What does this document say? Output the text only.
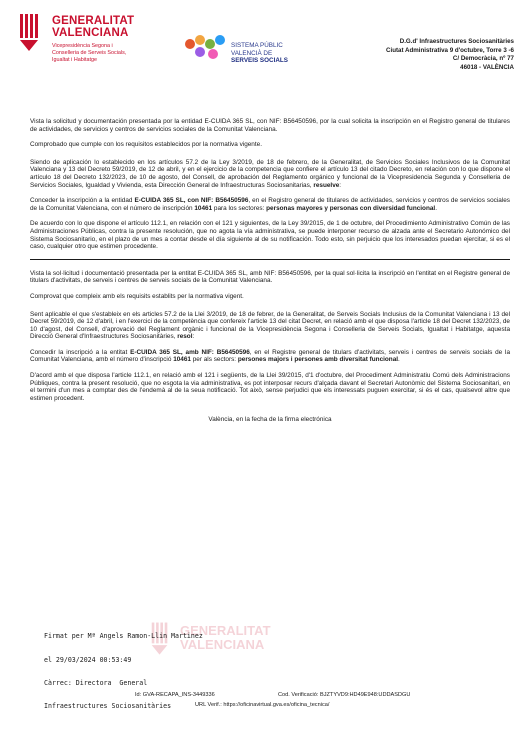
GENERALITAT
VALENCIANA
Vicepresidència Segona i
Conselleria de Serveis Socials,
Igualtat i Habitatge
SISTEMA PÚBLIC
VALENCIÀ DE
SERVEIS SOCIALS
D.G.d' Infraestructures Sociosanitàries
Ciutat Administrativa 9 d'octubre, Torre 3 -6
C/ Democràcia, nº 77
46018 - VALÈNCIA

Vista la solicitud y documentación presentada por la entidad E-CUIDA 365 SL, con NIF: B56450596, por la cual solicita la inscripción en el Registro general de titulares de actividades, de servicios y centros de servicios sociales de la Comunitat Valenciana.

Comprobado que cumple con los requisitos establecidos por la normativa vigente.

Siendo de aplicación lo establecido en los artículos 57.2 de la Ley 3/2019, de 18 de febrero, de la Generalitat, de Servicios Sociales Inclusivos de la Comunitat Valenciana y 13 del Decreto 59/2019, de 12 de abril, y en el ejercicio de la competencia que confiere el artículo 13 del citado Decreto, en relación con lo que dispone el artículo 18 del Decreto 132/2023, de 10 de agosto, del Consell, de aprobación del Reglamento orgánico y funcional de la Vicepresidencia Segunda y Conselleria de Servicios Sociales, Igualdad y Vivienda, esta Dirección General de Infraestructuras Sociosanitarias, resuelve:

Conceder la inscripción a la entidad E-CUIDA 365 SL, con NIF: B56450596, en el Registro general de titulares de actividades, servicios y centros de servicios sociales de la Comunitat Valenciana, con el número de inscripción 10461 para los sectores: personas mayores y personas con diversidad funcional.

De acuerdo con lo que dispone el artículo 112.1, en relación con el 121 y siguientes, de la Ley 39/2015, de 1 de octubre, del Procedimiento Administrativo Común de las Administraciones Públicas, contra la presente resolución, que no agota la vía administrativa, se puede interponer recurso de alzada ante el Secretario Autonómico del Sistema Sociosanitario, en el plazo de un mes a contar desde el día siguiente al de su notificación. Todo esto, sin perjuicio que los interesados puedan ejercitar, si es el caso, cualquier otro que estimen procedente.

Vista la sol·licitud i documentació presentada per la entitat E-CUIDA 365 SL, amb NIF: B56450596, per la qual sol·licita la inscripció en l'entitat en el Registre general de titulars d'activitats, de serveis i centres de serveis socials de la Comunitat Valenciana.

Comprovat que compleix amb els requisits establits per la normativa vigent.

Sent aplicable el que s'estableix en els articles 57.2 de la Llei 3/2019, de 18 de febrer, de la Generalitat, de Serveis Socials Inclusius de la Comunitat Valenciana i 13 del Decret 59/2019, de 12 d'abril, i en l'exercici de la competència que confereix l'article 13 del citat Decret, en relació amb el que disposa l'article 18 del Decret 132/2023, de 10 d'agost, del Consell, d'aprovació del Reglament orgànic i funcional de la Vicepresidència Segona i Conselleria de Serveis Socials, Igualtat i Habitatge, aquesta Direcció General d'Infraestructures Sociosanitàries, resol:

Concedir la inscripció a la entitat E-CUIDA 365 SL, amb NIF: B56450596, en el Registre general de titulars d'activitats, serveis i centres de serveis socials de la Comunitat Valenciana, amb el número d'inscripció 10461 per als sectors: persones majors i persones amb diversitat funcional.

D'acord amb el que disposa l'article 112.1, en relació amb el 121 i següents, de la Llei 39/2015, d'1 d'octubre, del Procediment Administratiu Comú dels Administracions Públiques, contra la present resolució, que no esgota la via administrativa, es pot interposar recurs d'alçada davant el Secretari Autonòmic del Sistema Sociosanitari, en el termini d'un mes a comptar des de l'endemà al de la seua notificació. Tot això, sense perjudici que els interessats puguen exercitar, si és el cas, qualsevol altre que estimen procedent.

València, en la fecha de la firma electrónica

GENERALITAT
VALENCIANA

Firmat per Mª Angels Ramon-Llin Martinez

el 29/03/2024 00:53:49

Càrrec: Directora  General

Infraestructures Sociosanitàries

Id: GVA-RECAPA_INS-3449336	Cod. Verificació: BJZTYVD9:HD49E948:UDDASDGU
URL Verif.: https://oficinavirtual.gva.es/oficina_tecnica/
